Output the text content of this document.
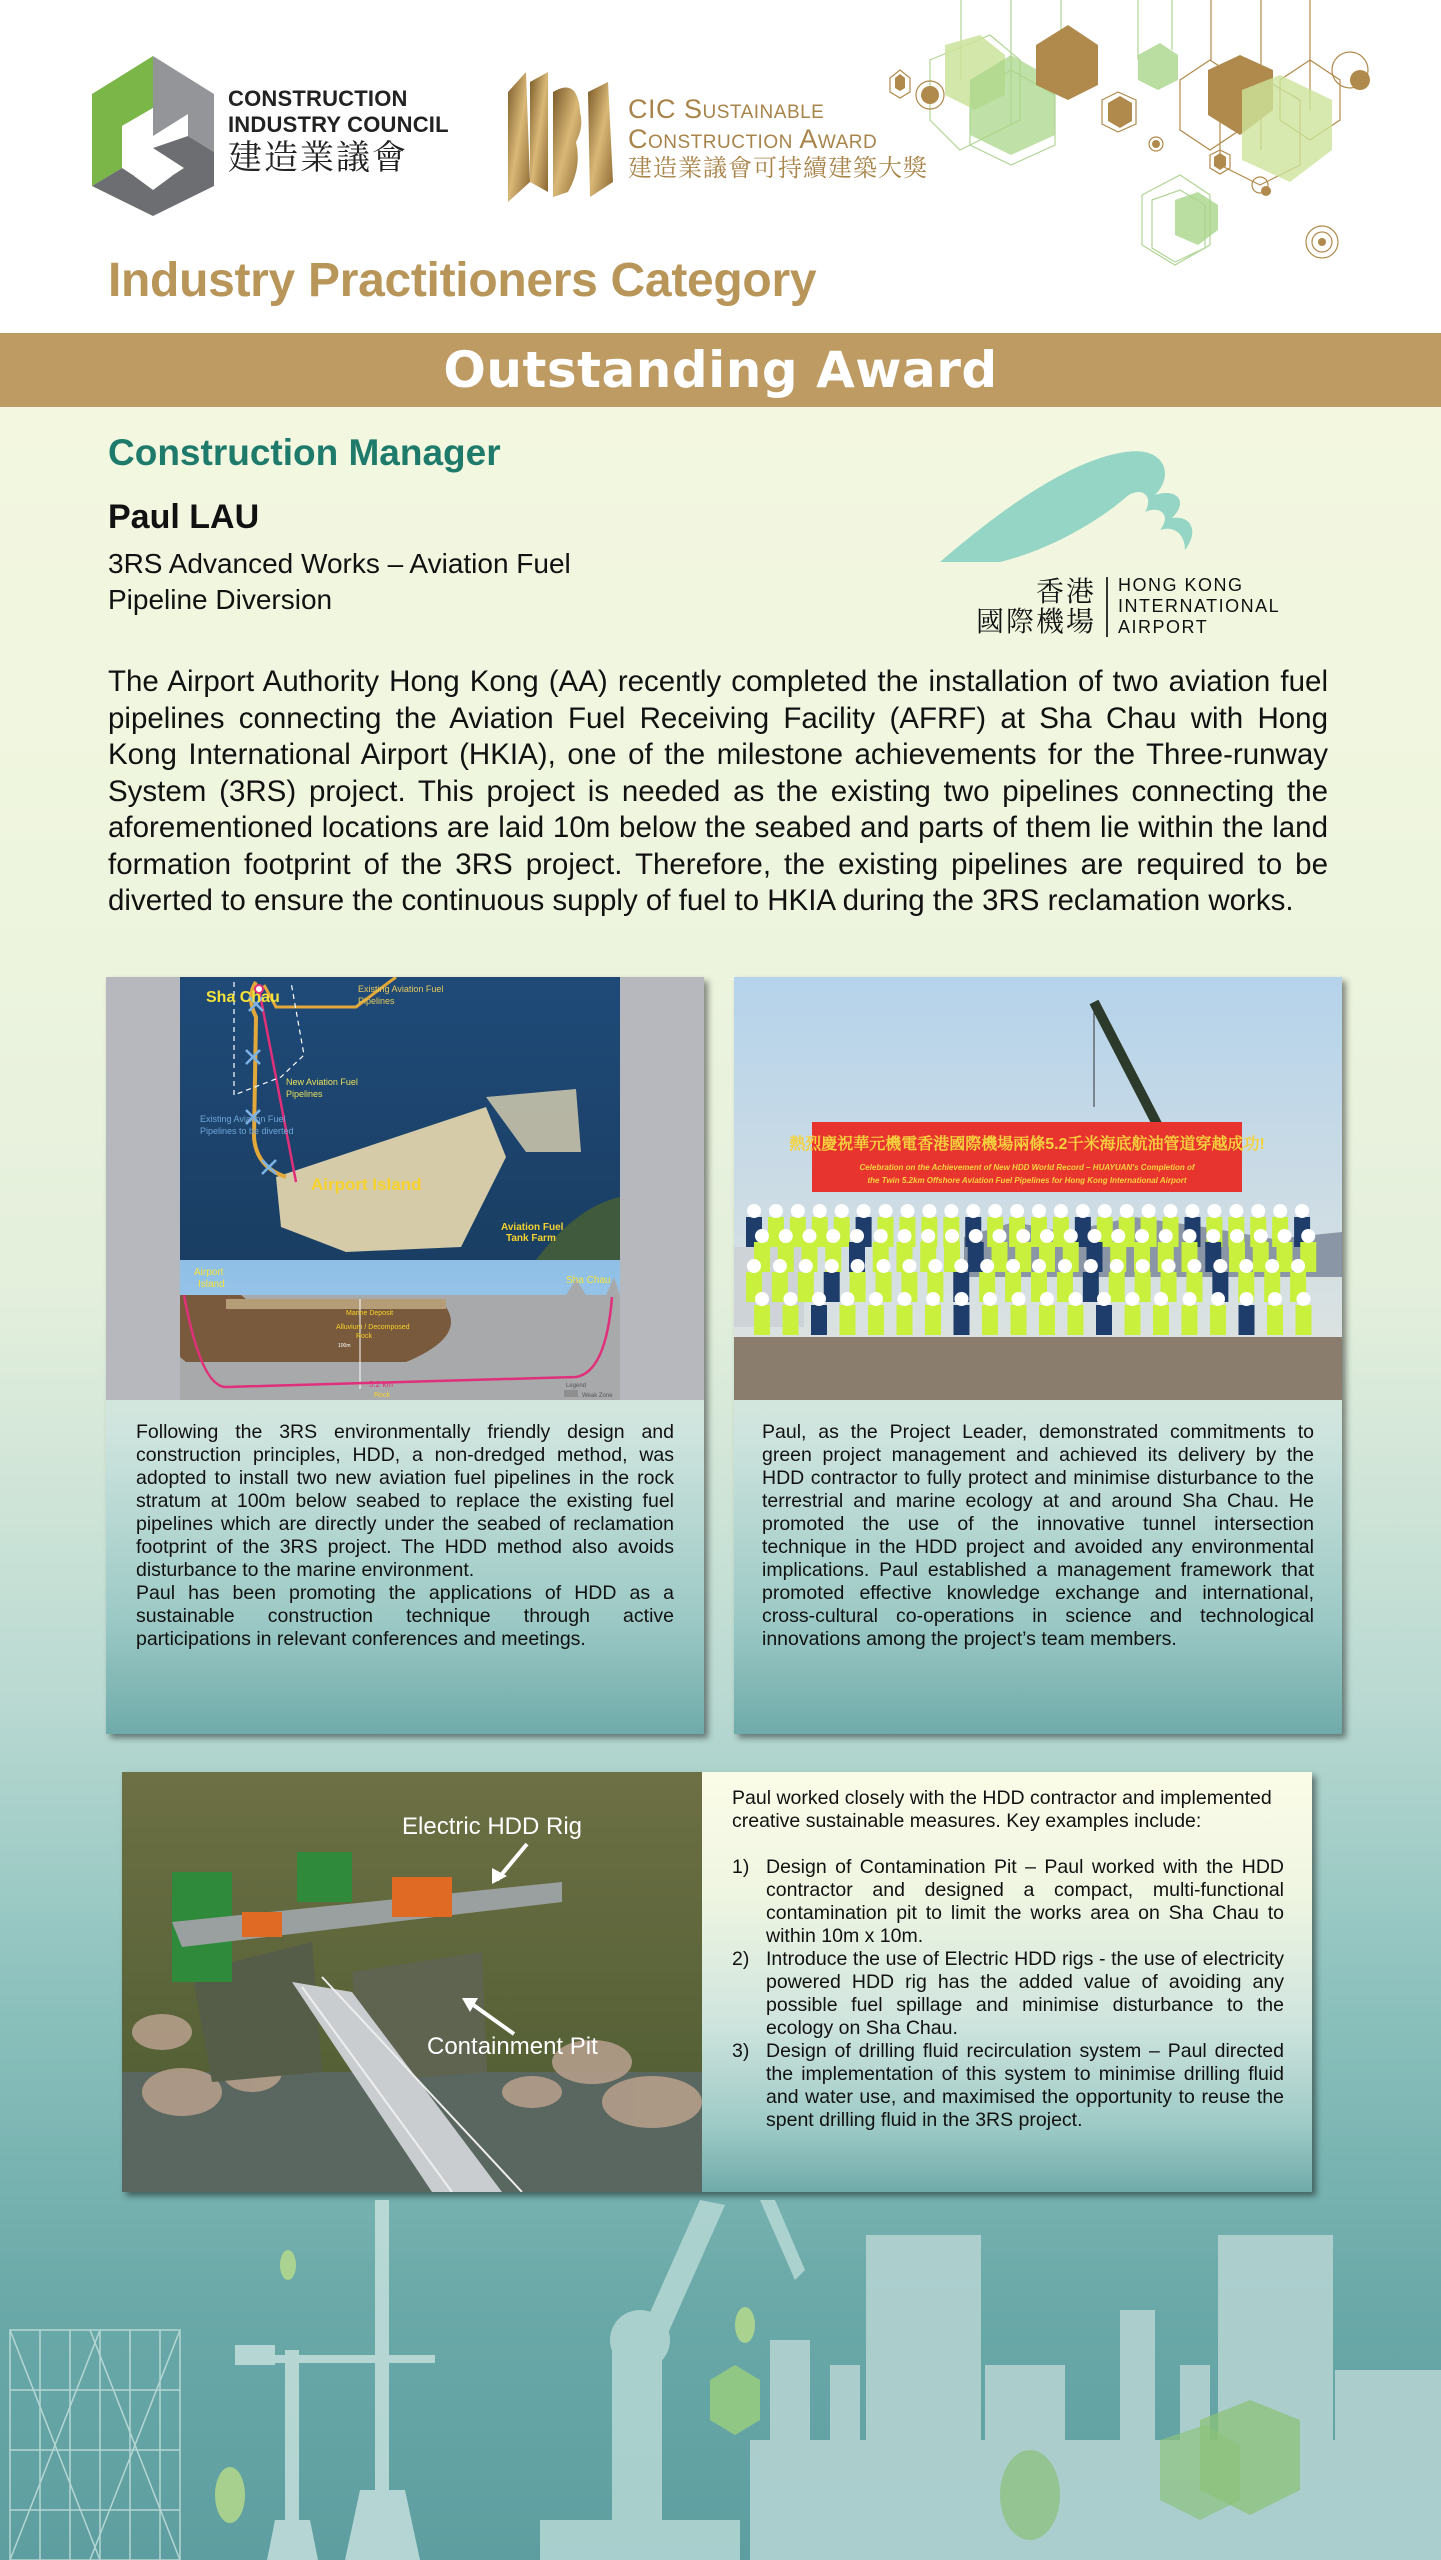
CONSTRUCTION
INDUSTRY COUNCIL
建造業議會
CIC Sustainable
Construction Award
建造業議會可持續建築大獎
Industry Practitioners Category
Outstanding Award
Construction Manager
Paul LAU
3RS Advanced Works – Aviation Fuel
Pipeline Diversion	香港
國際機場
HONG KONG
INTERNATIONAL
AIRPORT
The Airport Authority Hong Kong (AA) recently completed the installation of two aviation fuel pipelines connecting the Aviation Fuel Receiving Facility (AFRF) at Sha Chau with Hong Kong International Airport (HKIA), one of the milestone achievements for the Three-runway System (3RS) project. This project is needed as the existing two pipelines connecting the aforementioned locations are laid 10m below the seabed and parts of them lie within the land formation footprint of the 3RS project. Therefore, the existing pipelines are required to be diverted to ensure the continuous supply of fuel to HKIA during the 3RS reclamation works.
Sha Chau	Existing Aviation Fuel
Pipelines
New Aviation Fuel
Pipelines
Existing Aviation Fuel
Pipelines to be diverted
Airport Island
Aviation Fuel
Tank Farm
Airport
Island	Sha Chau
Marine Deposit
Alluvium / Decomposed
Rock
100m
5.2 km
Rock
Legend
Weak Zone
Following the 3RS environmentally friendly design and construction principles, HDD, a non-dredged method, was adopted to install two new aviation fuel pipelines in the rock stratum at 100m below seabed to replace the existing fuel pipelines which are directly under the seabed of reclamation footprint of the 3RS project. The HDD method also avoids disturbance to the marine environment.
Paul has been promoting the applications of HDD as a sustainable construction technique through active participations in relevant conferences and meetings.
熱烈慶祝華元機電香港國際機場兩條5.2千米海底航油管道穿越成功!
Celebration on the Achievement of New HDD World Record – HUAYUAN's Completion of
the Twin 5.2km Offshore Aviation Fuel Pipelines for Hong Kong International Airport
Paul, as the Project Leader, demonstrated commitments to green project management and achieved its delivery by the HDD contractor to fully protect and minimise disturbance to the terrestrial and marine ecology at and around Sha Chau. He promoted the use of the innovative tunnel intersection technique in the HDD project and avoided any environmental implications. Paul established a management framework that promoted effective knowledge exchange and international, cross-cultural co-operations in science and technological innovations among the project’s team members.
Electric HDD Rig
Containment Pit
Paul worked closely with the HDD contractor and implemented creative sustainable measures. Key examples include:
1) Design of Contamination Pit – Paul worked with the HDD contractor and designed a compact, multi-functional contamination pit to limit the works area on Sha Chau to within 10m x 10m.
2) Introduce the use of Electric HDD rigs - the use of electricity powered HDD rig has the added value of avoiding any possible fuel spillage and minimise disturbance to the ecology on Sha Chau.
3) Design of drilling fluid recirculation system – Paul directed the implementation of this system to minimise drilling fluid and water use, and maximised the opportunity to reuse the spent drilling fluid in the 3RS project.
